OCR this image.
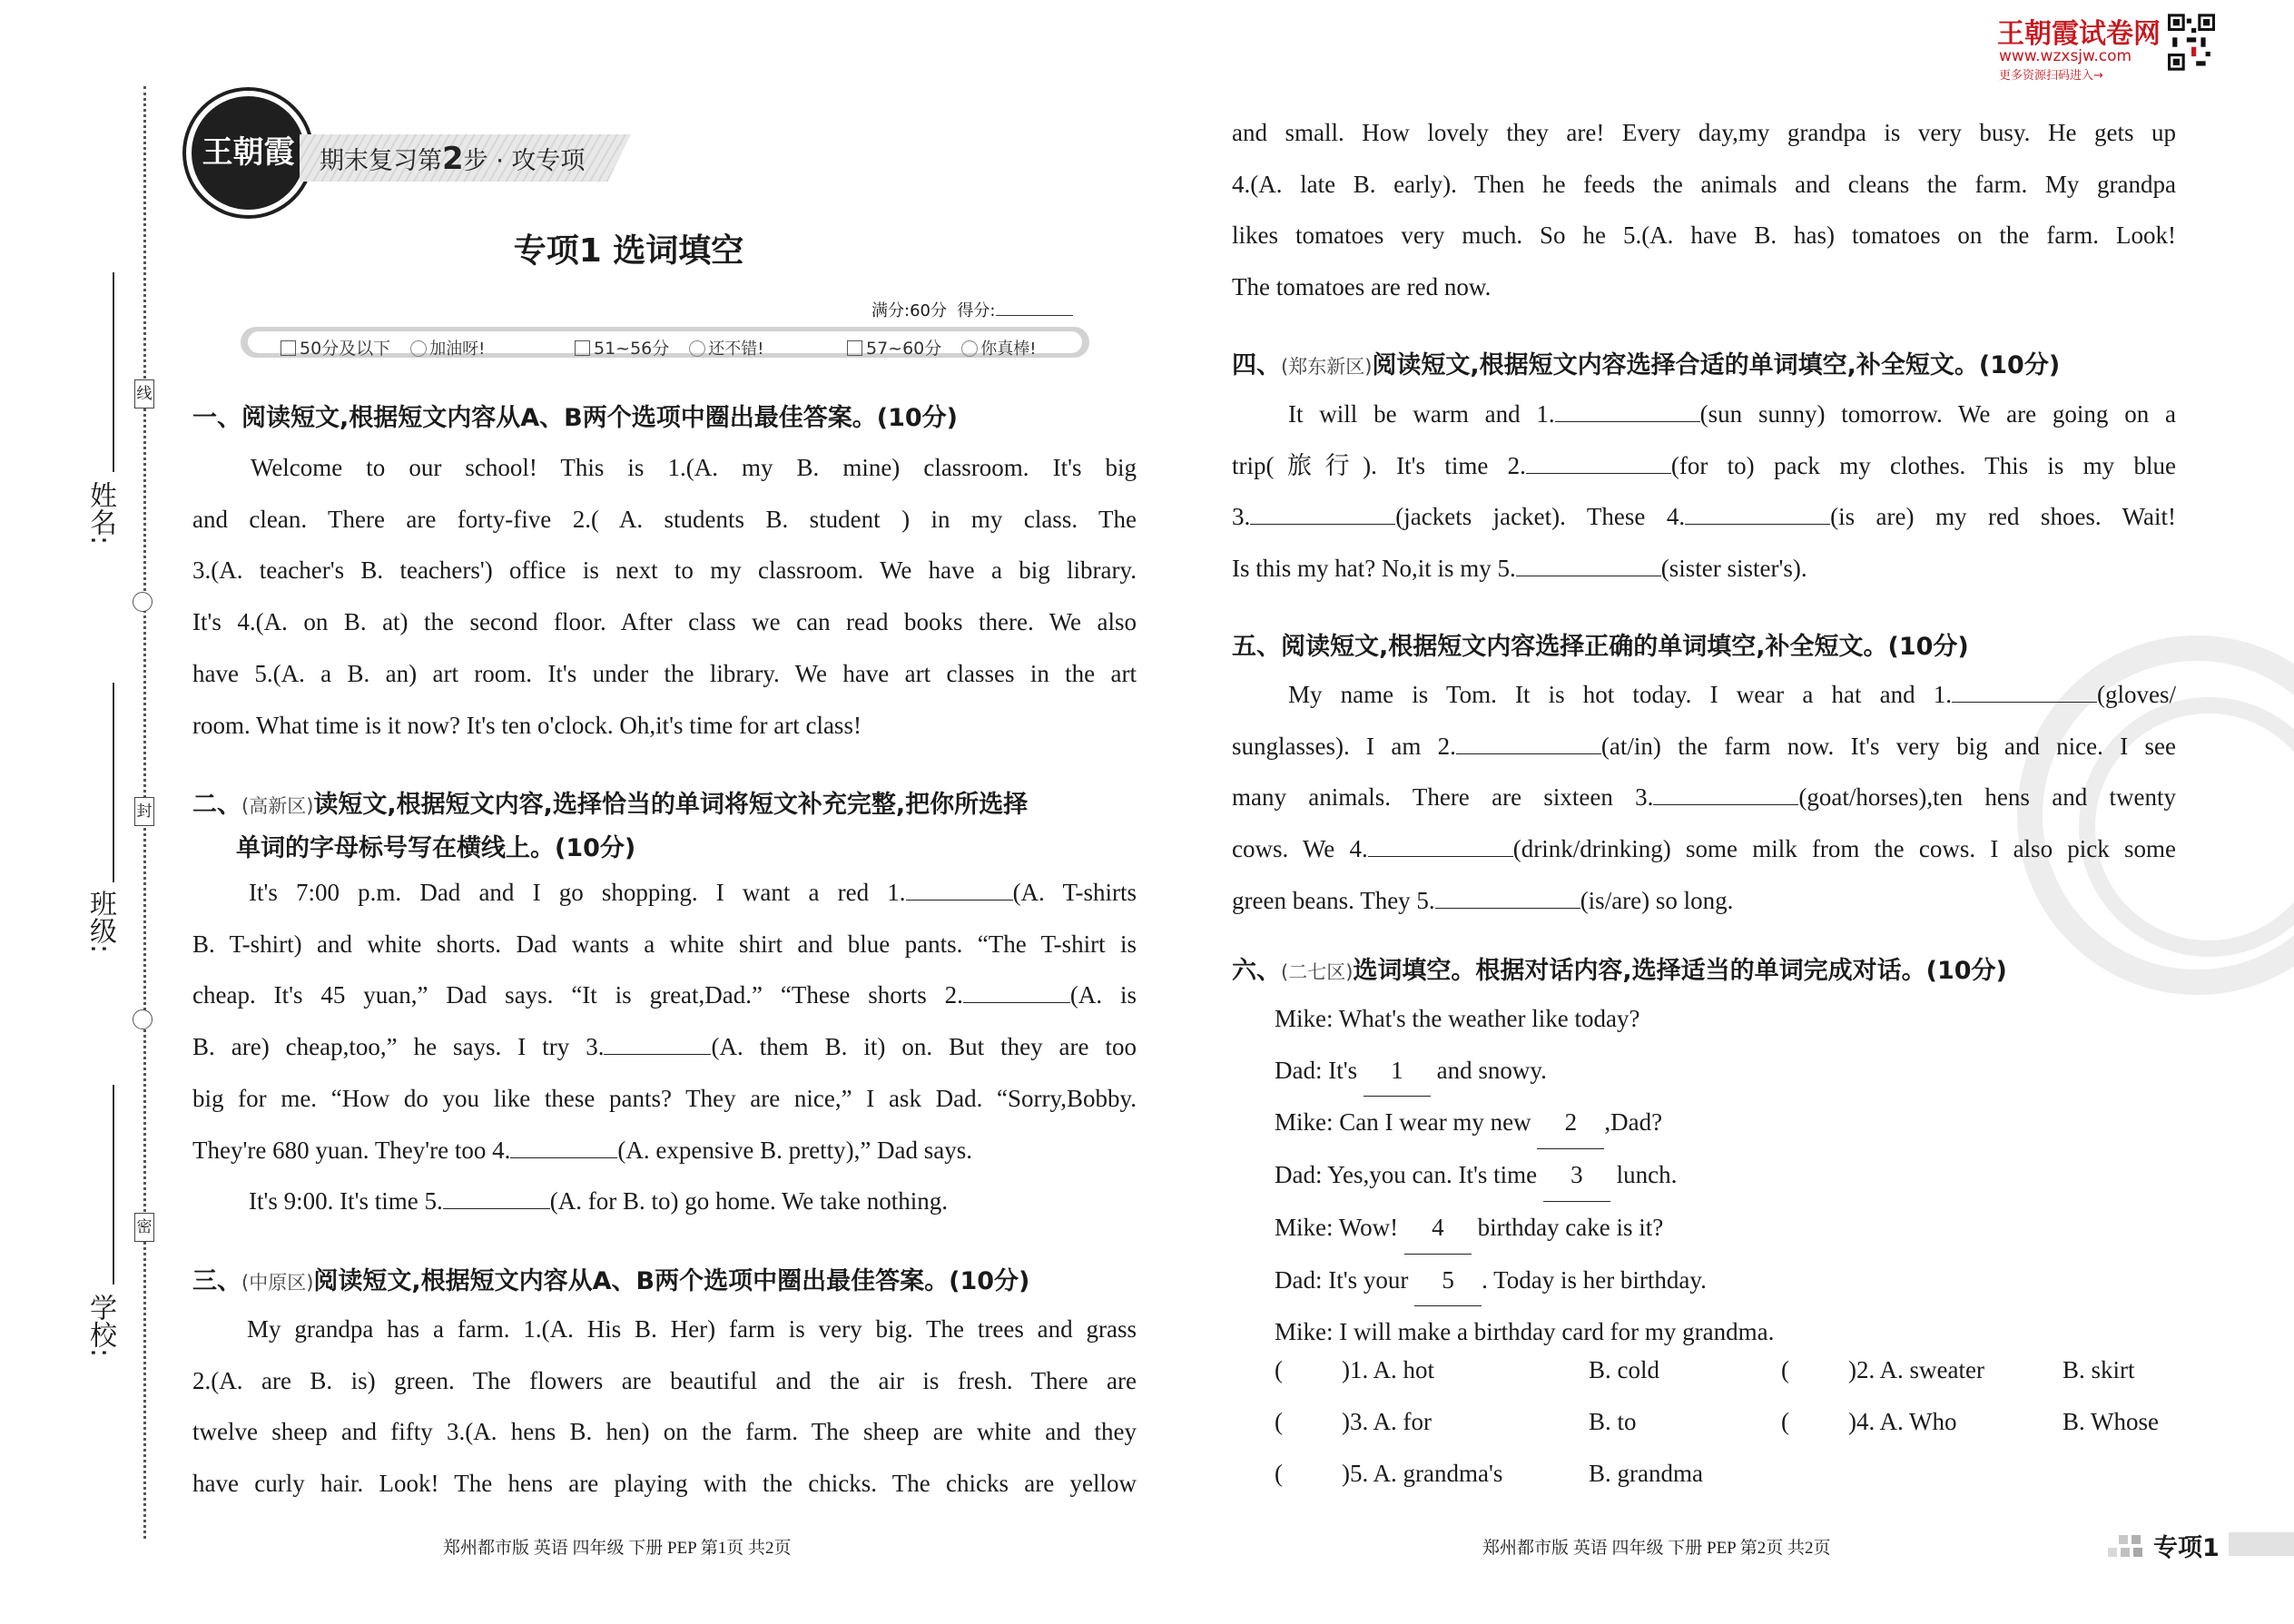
王朝霞试卷网
www.wzxsjw.com
更多资源扫码进入→
线
封
密
姓名:
班级:
学校:
王朝霞	期末复习第2步 · 攻专项
专项1 选词填空
满分:60分 得分:
50分及以下 加油呀!	51~56分 还不错!	57~60分 你真棒!
一、阅读短文,根据短文内容从A、B两个选项中圈出最佳答案。(10分)
Welcome to our school! This is 1.(A. my B. mine) classroom. It's big
and clean. There are forty-five 2.( A. students B. student ) in my class. The
3.(A. teacher's B. teachers') office is next to my classroom. We have a big library.
It's 4.(A. on B. at) the second floor. After class we can read books there. We also
have 5.(A. a B. an) art room. It's under the library. We have art classes in the art
room. What time is it now? It's ten o'clock. Oh,it's time for art class!
二、(高新区)读短文,根据短文内容,选择恰当的单词将短文补充完整,把你所选择
单词的字母标号写在横线上。(10分)
It's 7:00 p.m. Dad and I go shopping. I want a red 1.	(A. T-shirts
B. T-shirt) and white shorts. Dad wants a white shirt and blue pants. “The T-shirt is
cheap. It's 45 yuan,” Dad says. “It is great,Dad.” “These shorts 2.	(A. is
B. are) cheap,too,” he says. I try 3.	(A. them B. it) on. But they are too
big for me. “How do you like these pants? They are nice,” I ask Dad. “Sorry,Bobby.
They're 680 yuan. They're too 4.	(A. expensive B. pretty),” Dad says.
It's 9:00. It's time 5.	(A. for B. to) go home. We take nothing.
三、(中原区)阅读短文,根据短文内容从A、B两个选项中圈出最佳答案。(10分)
My grandpa has a farm. 1.(A. His B. Her) farm is very big. The trees and grass
2.(A. are B. is) green. The flowers are beautiful and the air is fresh. There are
twelve sheep and fifty 3.(A. hens B. hen) on the farm. The sheep are white and they
have curly hair. Look! The hens are playing with the chicks. The chicks are yellow
and small. How lovely they are! Every day,my grandpa is very busy. He gets up
4.(A. late B. early). Then he feeds the animals and cleans the farm. My grandpa
likes tomatoes very much. So he 5.(A. have B. has) tomatoes on the farm. Look!
The tomatoes are red now.
四、(郑东新区)阅读短文,根据短文内容选择合适的单词填空,补全短文。(10分)
It will be warm and 1.	(sun sunny) tomorrow. We are going on a
trip(旅行). It's time 2.	(for to) pack my clothes. This is my blue
3.	(jackets jacket). These 4.	(is are) my red shoes. Wait!
Is this my hat? No,it is my 5.	(sister sister's).
五、阅读短文,根据短文内容选择正确的单词填空,补全短文。(10分)
My name is Tom. It is hot today. I wear a hat and 1.	(gloves/
sunglasses). I am 2.	(at/in) the farm now. It's very big and nice. I see
many animals. There are sixteen 3.	(goat/horses),ten hens and twenty
cows. We 4.	(drink/drinking) some milk from the cows. I also pick some
green beans. They 5.	(is/are) so long.
六、(二七区)选词填空。根据对话内容,选择适当的单词完成对话。(10分)
Mike: What's the weather like today?
Dad: It's 1 and snowy.
Mike: Can I wear my new 2 ,Dad?
Dad: Yes,you can. It's time 3 lunch.
Mike: Wow! 4 birthday cake is it?
Dad: It's your 5 . Today is her birthday.
Mike: I will make a birthday card for my grandma.
( )1. A. hot	B. cold	( )2. A. sweater	B. skirt
( )3. A. for	B. to	( )4. A. Who	B. Whose
( )5. A. grandma's	B. grandma
郑州都市版 英语 四年级 下册 PEP 第1页 共2页	郑州都市版 英语 四年级 下册 PEP 第2页 共2页	专项1
